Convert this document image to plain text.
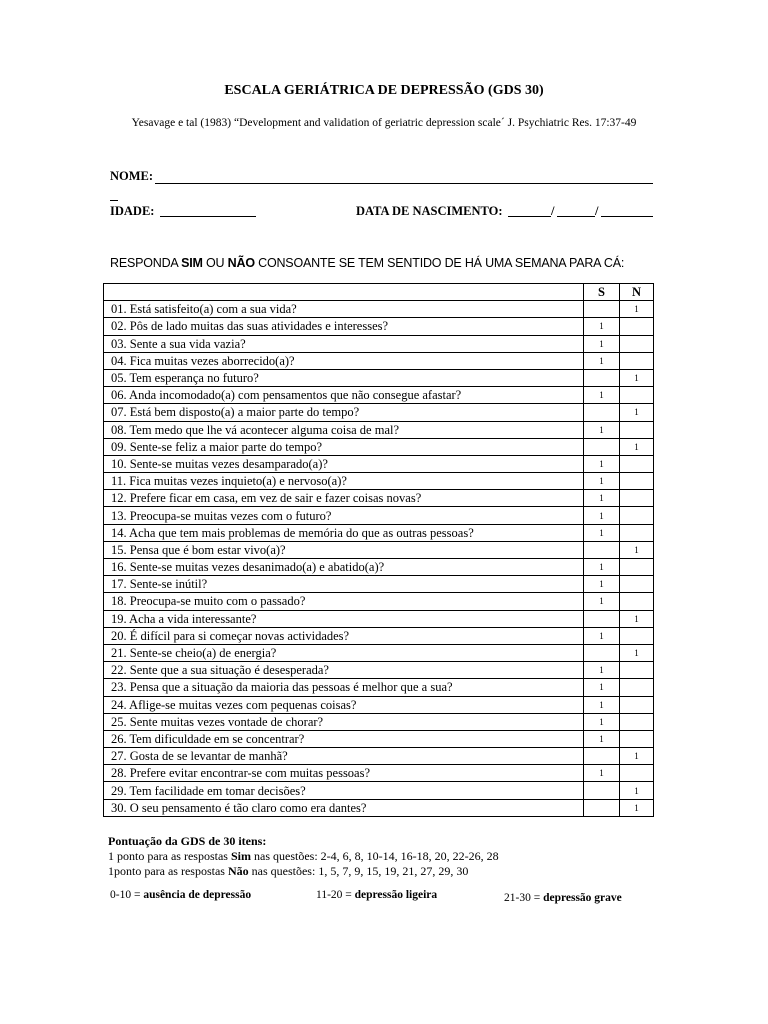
ESCALA GERIÁTRICA DE DEPRESSÃO (GDS 30)
Yesavage e tal (1983) “Development and validation of geriatric depression scale´ J. Psychiatric Res. 17:37-49
NOME:
IDADE:	DATA DE NASCIMENTO:	/	/
RESPONDA SIM OU NÃO CONSOANTE SE TEM SENTIDO DE HÁ UMA SEMANA PARA CÁ:
	S	N
01. Está satisfeito(a) com a sua vida?		1
02. Pôs de lado muitas das suas atividades e interesses?	1	
03. Sente a sua vida vazia?	1	
04. Fica muitas vezes aborrecido(a)?	1	
05. Tem esperança no futuro?		1
06. Anda incomodado(a) com pensamentos que não consegue afastar?	1	
07. Está bem disposto(a) a maior parte do tempo?		1
08. Tem medo que lhe vá acontecer alguma coisa de mal?	1	
09. Sente-se feliz a maior parte do tempo?		1
10. Sente-se muitas vezes desamparado(a)?	1	
11. Fica muitas vezes inquieto(a) e nervoso(a)?	1	
12. Prefere ficar em casa, em vez de sair e fazer coisas novas?	1	
13. Preocupa-se muitas vezes com o futuro?	1	
14. Acha que tem mais problemas de memória do que as outras pessoas?	1	
15. Pensa que é bom estar vivo(a)?		1
16. Sente-se muitas vezes desanimado(a) e abatido(a)?	1	
17. Sente-se inútil?	1	
18. Preocupa-se muito com o passado?	1	
19. Acha a vida interessante?		1
20. É difícil para si começar novas actividades?	1	
21. Sente-se cheio(a) de energia?		1
22. Sente que a sua situação é desesperada?	1	
23. Pensa que a situação da maioria das pessoas é melhor que a sua?	1	
24. Aflige-se muitas vezes com pequenas coisas?	1	
25. Sente muitas vezes vontade de chorar?	1	
26. Tem dificuldade em se concentrar?	1	
27. Gosta de se levantar de manhã?		1
28. Prefere evitar encontrar-se com muitas pessoas?	1	
29. Tem facilidade em tomar decisões?		1
30. O seu pensamento é tão claro como era dantes?		1
Pontuação da GDS de 30 itens:
1 ponto para as respostas Sim nas questões: 2-4, 6, 8, 10-14, 16-18, 20, 22-26, 28
1ponto para as respostas Não nas questões: 1, 5, 7, 9, 15, 19, 21, 27, 29, 30
0-10 = ausência de depressão	11-20 = depressão ligeira	21-30 = depressão grave
